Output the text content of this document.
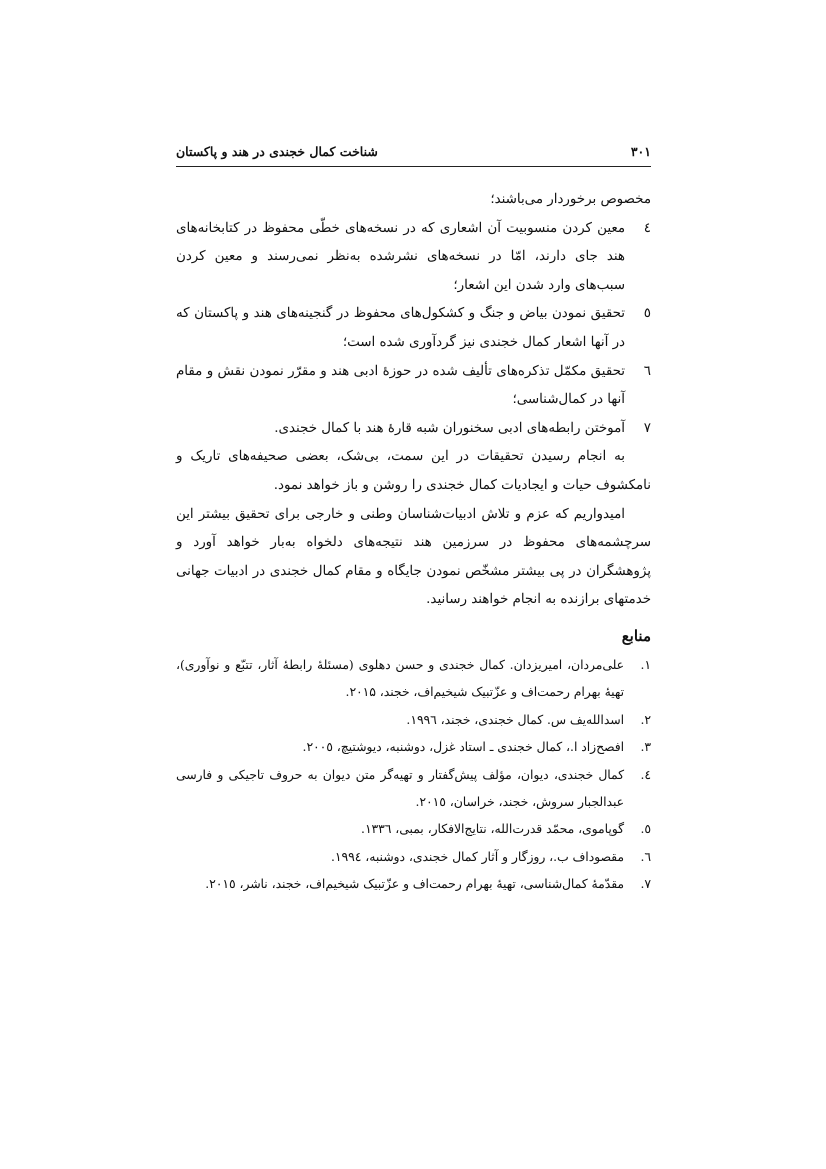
۳۰۱
شناخت کمال خجندی در هند و پاکستان

مخصوص برخوردار می‌باشند؛

٤
معین کردن منسوبیت آن اشعاری که در نسخه‌های خطّی محفوظ در کتابخانه‌های هند جای دارند، امّا در نسخه‌های نشرشده به‌نظر نمی‌رسند و معین کردن سبب‌های وارد شدن این اشعار؛
٥
تحقیق نمودن بیاض و جنگ و کشکول‌های محفوظ در گنجینه‌های هند و پاکستان که در آنها اشعار کمال خجندی نیز گردآوری شده است؛
٦
تحقیق مکمّل تذکره‌های تألیف شده در حوزهٔ ادبی هند و مقرّر نمودن نقش و مقام آنها در کمال‌شناسی؛
٧
آموختن رابطه‌های ادبی سخنوران شبه قارهٔ هند با کمال خجندی.

به انجام رسیدن تحقیقات در این سمت، بی‌شک، بعضی صحیفه‌های تاریک و نامکشوف حیات و ایجادیات کمال خجندی را روشن و باز خواهد نمود.

امیدواریم که عزم و تلاش ادبیات‌شناسان وطنی و خارجی برای تحقیق بیشتر این سرچشمه‌های محفوظ در سرزمین هند نتیجه‌های دلخواه به‌بار خواهد آورد و پژوهشگران در پی بیشتر مشخّص نمودن جایگاه و مقام کمال خجندی در ادبیات جهانی خدمتهای برازنده به انجام خواهند رسانید.

منابع
١.
علی‌مردان، امیریزدان. کمال خجندی و حسن دهلوی (مسئلهٔ رابطهٔ آثار، تتبّع و نوآوری)، تهیهٔ بهرام رحمت‌اف و عزّتبیک شیخیم‌اف، خجند، ۲۰۱۵.
٢.
اسدالله‌یف س. کمال خجندی، خجند، ۱۹۹٦.
٣.
افصح‌زاد ا.، کمال خجندی ـ استاد غزل، دوشنبه، دیوشتیچ، ۲۰۰٥.
٤.
کمال خجندی، دیوان، مؤلف پیش‌گفتار و تهیه‌گر متن دیوان به حروف تاجیکی و فارسی عبدالجبار سروش، خجند، خراسان، ۲۰۱٥.
٥.
گوپاموی، محمّد قدرت‌الله، نتایج‌الافکار، بمبی، ۱۳۳٦.
٦.
مقصوداف ب.، روزگار و آثار کمال خجندی، دوشنبه، ۱۹۹٤.
٧.
مقدّمهٔ کمال‌شناسی، تهیهٔ بهرام رحمت‌اف و عزّتبیک شیخیم‌اف، خجند، ناشر، ۲۰۱٥.
